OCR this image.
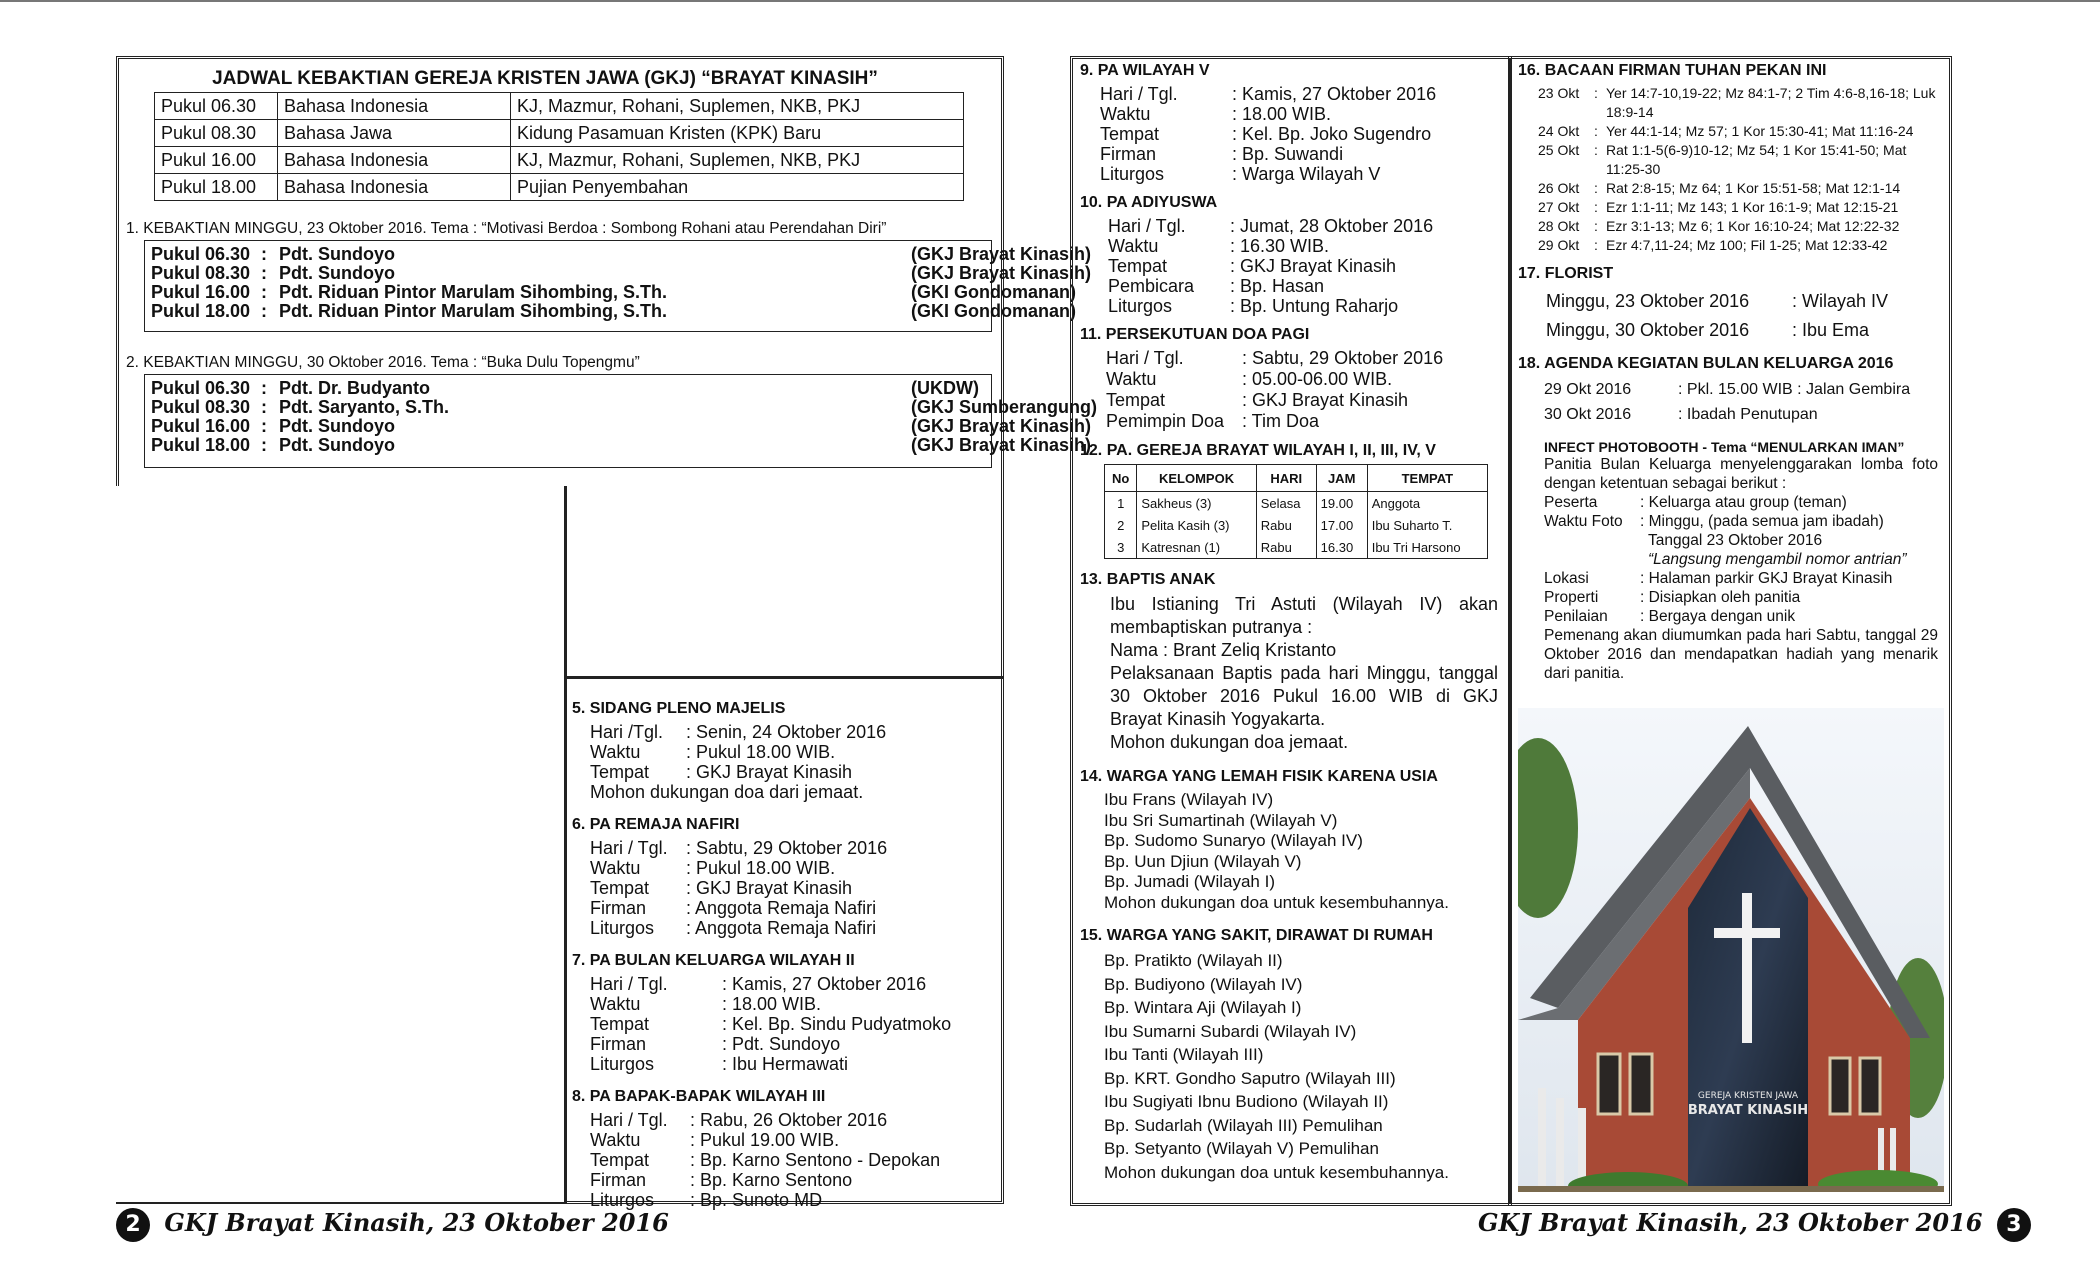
JADWAL KEBAKTIAN GEREJA KRISTEN JAWA (GKJ) “BRAYAT KINASIH”
Pukul 06.30	Bahasa Indonesia	KJ, Mazmur, Rohani, Suplemen, NKB, PKJ
Pukul 08.30	Bahasa Jawa	Kidung Pasamuan Kristen (KPK) Baru
Pukul 16.00	Bahasa Indonesia	KJ, Mazmur, Rohani, Suplemen, NKB, PKJ
Pukul 18.00	Bahasa Indonesia	Pujian Penyembahan
1. KEBAKTIAN MINGGU, 23 Oktober 2016. Tema : “Motivasi Berdoa : Sombong Rohani atau Perendahan Diri”
Pukul 06.30 : Pdt. Sundoyo	(GKJ Brayat Kinasih)
Pukul 08.30 : Pdt. Sundoyo	(GKJ Brayat Kinasih)
Pukul 16.00 : Pdt. Riduan Pintor Marulam Sihombing, S.Th.	(GKI Gondomanan)
Pukul 18.00 : Pdt. Riduan Pintor Marulam Sihombing, S.Th.	(GKI Gondomanan)
2. KEBAKTIAN MINGGU, 30 Oktober 2016. Tema : “Buka Dulu Topengmu”
Pukul 06.30 : Pdt. Dr. Budyanto	(UKDW)
Pukul 08.30 : Pdt. Saryanto, S.Th.	(GKJ Sumberangung)
Pukul 16.00 : Pdt. Sundoyo	(GKJ Brayat Kinasih)
Pukul 18.00 : Pdt. Sundoyo	(GKJ Brayat Kinasih)
5. SIDANG PLENO MAJELIS
Hari /Tgl.	: Senin, 24 Oktober 2016
Waktu	: Pukul 18.00 WIB.
Tempat	: GKJ Brayat Kinasih
Mohon dukungan doa dari jemaat.
6. PA REMAJA NAFIRI
Hari / Tgl.	: Sabtu, 29 Oktober 2016
Waktu	: Pukul 18.00 WIB.
Tempat	: GKJ Brayat Kinasih
Firman	: Anggota Remaja Nafiri
Liturgos	: Anggota Remaja Nafiri
7. PA BULAN KELUARGA WILAYAH II
Hari / Tgl.	: Kamis, 27 Oktober 2016
Waktu	: 18.00 WIB.
Tempat	: Kel. Bp. Sindu Pudyatmoko
Firman	: Pdt. Sundoyo
Liturgos	: Ibu Hermawati
8. PA BAPAK-BAPAK WILAYAH III
Hari / Tgl.	: Rabu, 26 Oktober 2016
Waktu	: Pukul 19.00 WIB.
Tempat	: Bp. Karno Sentono - Depokan
Firman	: Bp. Karno Sentono
Liturgos	: Bp. Sunoto MD
2 GKJ Brayat Kinasih, 23 Oktober 2016
9. PA WILAYAH V
Hari / Tgl.	: Kamis, 27 Oktober 2016
Waktu	: 18.00 WIB.
Tempat	: Kel. Bp. Joko Sugendro
Firman	: Bp. Suwandi
Liturgos	: Warga Wilayah V
10. PA ADIYUSWA
Hari / Tgl.	: Jumat, 28 Oktober 2016
Waktu	: 16.30 WIB.
Tempat	: GKJ Brayat Kinasih
Pembicara	: Bp. Hasan
Liturgos	: Bp. Untung Raharjo
11. PERSEKUTUAN DOA PAGI
Hari / Tgl.	: Sabtu, 29 Oktober 2016
Waktu	: 05.00-06.00 WIB.
Tempat	: GKJ Brayat Kinasih
Pemimpin Doa : Tim Doa
12. PA. GEREJA BRAYAT WILAYAH I, II, III, IV, V
No	KELOMPOK	HARI	JAM	TEMPAT
1	Sakheus (3)	Selasa	19.00	Anggota
2	Pelita Kasih (3)	Rabu	17.00	Ibu Suharto T.
3	Katresnan (1)	Rabu	16.30	Ibu Tri Harsono
13. BAPTIS ANAK
Ibu Istianing Tri Astuti (Wilayah IV) akan membaptiskan putranya :
Nama : Brant Zeliq Kristanto
Pelaksanaan Baptis pada hari Minggu, tanggal 30 Oktober 2016 Pukul 16.00 WIB di GKJ Brayat Kinasih Yogyakarta.
Mohon dukungan doa jemaat.
14. WARGA YANG LEMAH FISIK KARENA USIA
Ibu Frans (Wilayah IV)
Ibu Sri Sumartinah (Wilayah V)
Bp. Sudomo Sunaryo (Wilayah IV)
Bp. Uun Djiun (Wilayah V)
Bp. Jumadi (Wilayah I)
Mohon dukungan doa untuk kesembuhannya.
15. WARGA YANG SAKIT, DIRAWAT DI RUMAH
Bp. Pratikto (Wilayah II)
Bp. Budiyono (Wilayah IV)
Bp. Wintara Aji (Wilayah I)
Ibu Sumarni Subardi (Wilayah IV)
Ibu Tanti (Wilayah III)
Bp. KRT. Gondho Saputro (Wilayah III)
Ibu Sugiyati Ibnu Budiono (Wilayah II)
Bp. Sudarlah (Wilayah III) Pemulihan
Bp. Setyanto (Wilayah V) Pemulihan
Mohon dukungan doa untuk kesembuhannya.
16. BACAAN FIRMAN TUHAN PEKAN INI
23 Okt	: Yer 14:7-10,19-22; Mz 84:1-7; 2 Tim 4:6-8,16-18; Luk 18:9-14
24 Okt	: Yer 44:1-14; Mz 57; 1 Kor 15:30-41; Mat 11:16-24
25 Okt	: Rat 1:1-5(6-9)10-12; Mz 54; 1 Kor 15:41-50; Mat 11:25-30
26 Okt	: Rat 2:8-15; Mz 64; 1 Kor 15:51-58; Mat 12:1-14
27 Okt	: Ezr 1:1-11; Mz 143; 1 Kor 16:1-9; Mat 12:15-21
28 Okt	: Ezr 3:1-13; Mz 6; 1 Kor 16:10-24; Mat 12:22-32
29 Okt	: Ezr 4:7,11-24; Mz 100; Fil 1-25; Mat 12:33-42
17. FLORIST
Minggu, 23 Oktober 2016	: Wilayah IV
Minggu, 30 Oktober 2016	: Ibu Ema
18. AGENDA KEGIATAN BULAN KELUARGA 2016
29 Okt 2016	: Pkl. 15.00 WIB : Jalan Gembira
30 Okt 2016	: Ibadah Penutupan
INFECT PHOTOBOOTH - Tema “MENULARKAN IMAN”
Panitia Bulan Keluarga menyelenggarakan lomba foto dengan ketentuan sebagai berikut :
Peserta	: Keluarga atau group (teman)
Waktu Foto	: Minggu, (pada semua jam ibadah)
Tanggal 23 Oktober 2016
“Langsung mengambil nomor antrian”
Lokasi	: Halaman parkir GKJ Brayat Kinasih
Properti	: Disiapkan oleh panitia
Penilaian	: Bergaya dengan unik
Pemenang akan diumumkan pada hari Sabtu, tanggal 29 Oktober 2016 dan mendapatkan hadiah yang menarik dari panitia.
GEREJA KRISTEN JAWA
BRAYAT KINASIH
GKJ Brayat Kinasih, 23 Oktober 2016 3
